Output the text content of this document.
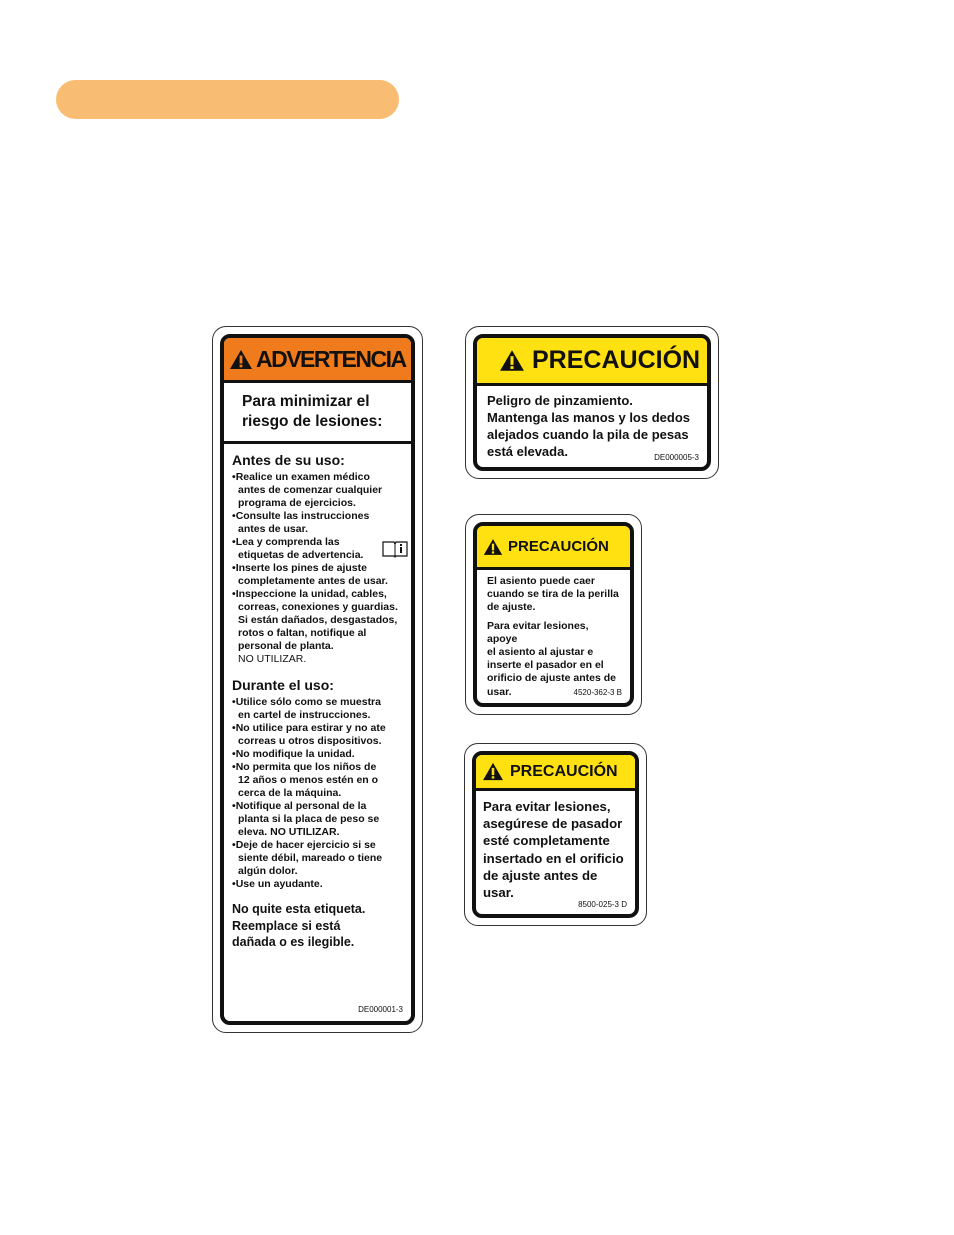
ADVERTENCIA
Para minimizar el
riesgo de lesiones:
Antes de su uso:
• Realice un examen médico
antes de comenzar cualquier
programa de ejercicios.
• Consulte las instrucciones
antes de usar.
• Lea y comprenda las
etiquetas de advertencia.
• Inserte los pines de ajuste
completamente antes de usar.
• Inspeccione la unidad, cables,
correas, conexiones y guardias.
Si están dañados, desgastados,
rotos o faltan, notifique al
personal de planta.
NO UTILIZAR.
Durante el uso:
• Utilice sólo como se muestra
en cartel de instrucciones.
• No utilice para estirar y no ate
correas u otros dispositivos.
• No modifique la unidad.
• No permita que los niños de
12 años o menos estén en o
cerca de la máquina.
• Notifique al personal de la
planta si la placa de peso se
eleva. NO UTILIZAR.
• Deje de hacer ejercicio si se
siente débil, mareado o tiene
algún dolor.
• Use un ayudante.
No quite esta etiqueta.
Reemplace si está
dañada o es ilegible.
DE000001-3
PRECAUCIÓN
Peligro de pinzamiento.
Mantenga las manos y los dedos
alejados cuando la pila de pesas
está elevada.	DE000005-3
PRECAUCIÓN
El asiento puede caer
cuando se tira de la perilla
de ajuste.
Para evitar lesiones, apoye
el asiento al ajustar e
inserte el pasador en el
orificio de ajuste antes de
usar.	4520-362-3 B
PRECAUCIÓN
Para evitar lesiones,
asegúrese de pasador
esté completamente
insertado en el orificio
de ajuste antes de
usar.
8500-025-3 D
